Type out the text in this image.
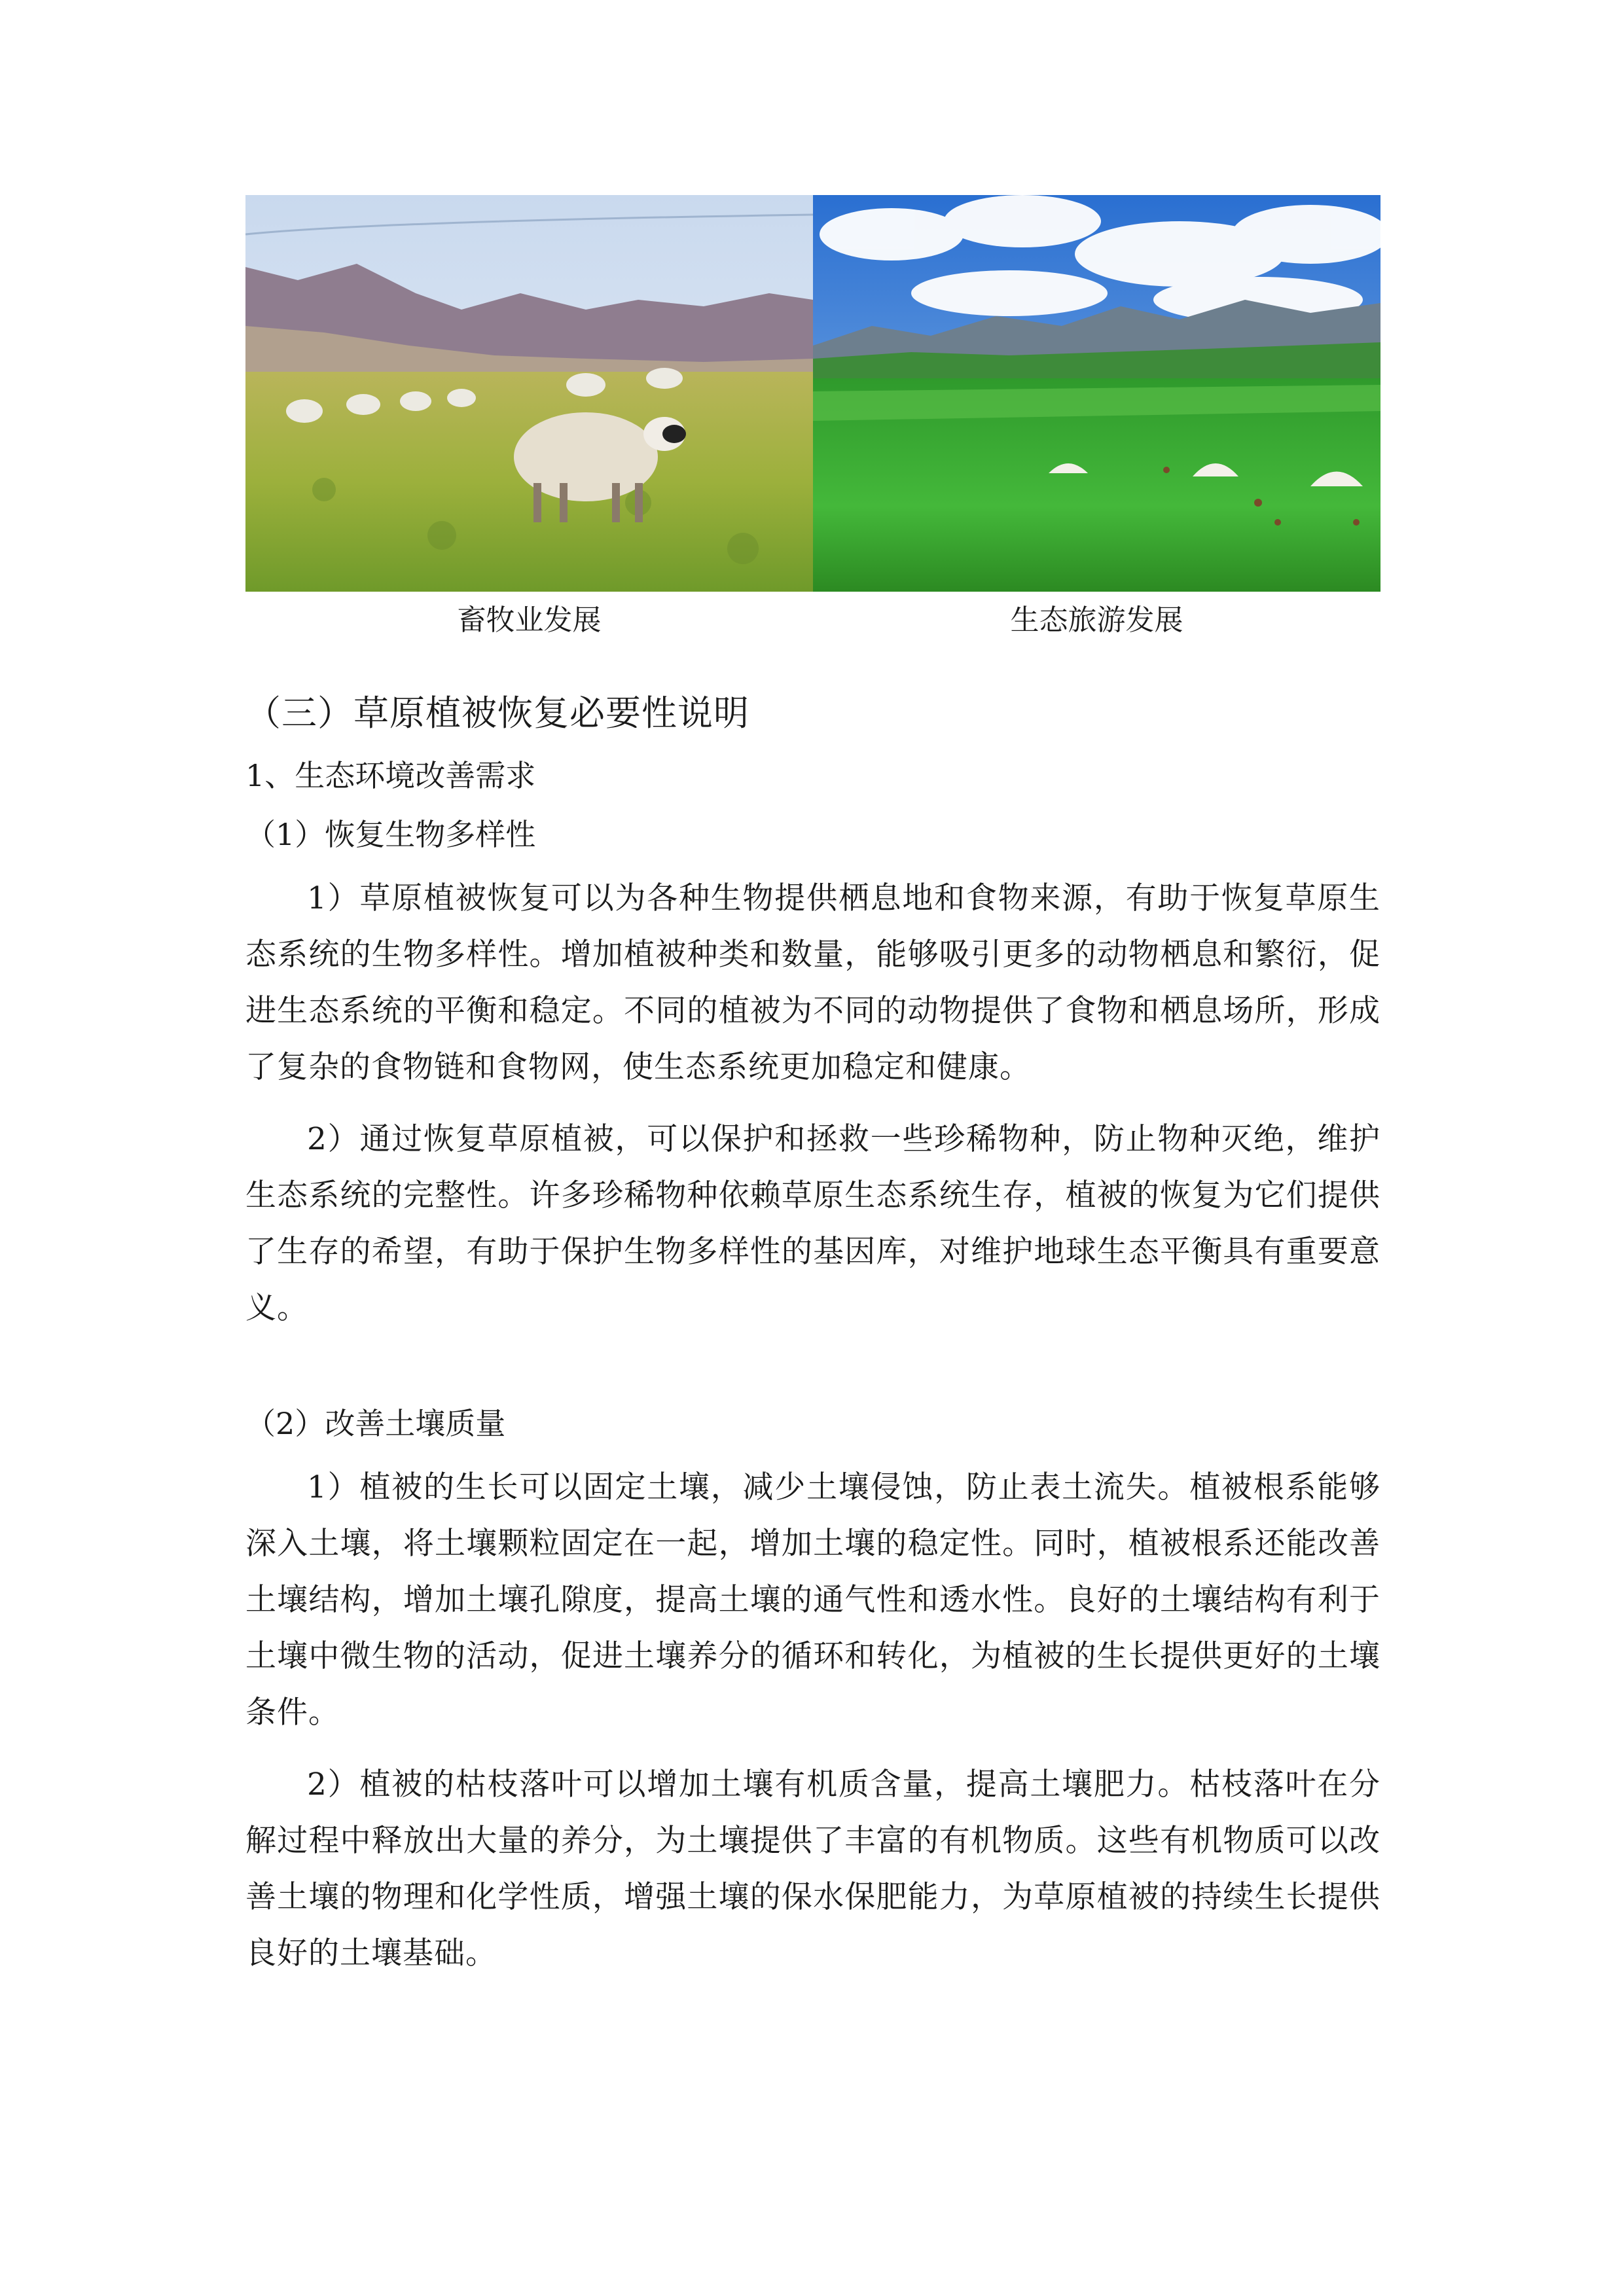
畜牧业发展	生态旅游发展
（三）草原植被恢复必要性说明
1、生态环境改善需求
（1）恢复生物多样性

1）草原植被恢复可以为各种生物提供栖息地和食物来源，有助于恢复草原生态系统的生物多样性。增加植被种类和数量，能够吸引更多的动物栖息和繁衍，促进生态系统的平衡和稳定。不同的植被为不同的动物提供了食物和栖息场所，形成了复杂的食物链和食物网，使生态系统更加稳定和健康。

2）通过恢复草原植被，可以保护和拯救一些珍稀物种，防止物种灭绝，维护生态系统的完整性。许多珍稀物种依赖草原生态系统生存，植被的恢复为它们提供了生存的希望，有助于保护生物多样性的基因库，对维护地球生态平衡具有重要意义。

（2）改善土壤质量

1）植被的生长可以固定土壤，减少土壤侵蚀，防止表土流失。植被根系能够深入土壤，将土壤颗粒固定在一起，增加土壤的稳定性。同时，植被根系还能改善土壤结构，增加土壤孔隙度，提高土壤的通气性和透水性。良好的土壤结构有利于土壤中微生物的活动，促进土壤养分的循环和转化，为植被的生长提供更好的土壤条件。

2）植被的枯枝落叶可以增加土壤有机质含量，提高土壤肥力。枯枝落叶在分解过程中释放出大量的养分，为土壤提供了丰富的有机物质。这些有机物质可以改善土壤的物理和化学性质，增强土壤的保水保肥能力，为草原植被的持续生长提供良好的土壤基础。
